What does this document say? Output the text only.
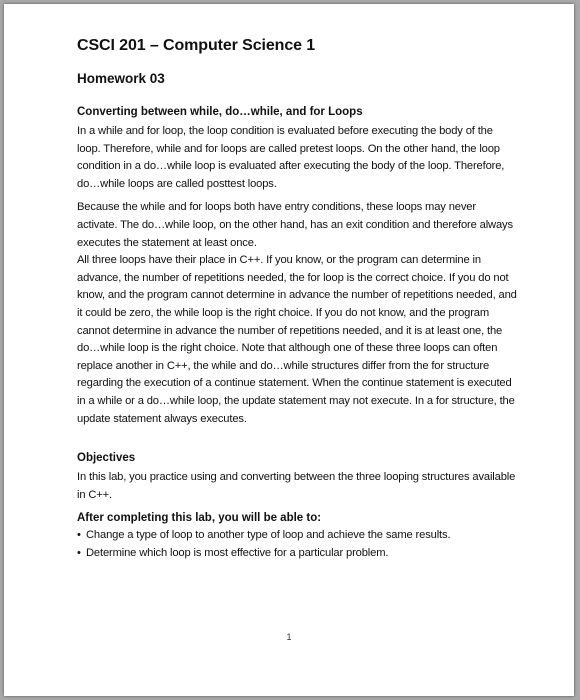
CSCI 201 – Computer Science 1
Homework 03
Converting between while, do…while, and for Loops

In a while and for loop, the loop condition is evaluated before executing the body of the loop. Therefore, while and for loops are called pretest loops. On the other hand, the loop condition in a do…while loop is evaluated after executing the body of the loop. Therefore, do…while loops are called posttest loops.

Because the while and for loops both have entry conditions, these loops may never activate. The do…while loop, on the other hand, has an exit condition and therefore always executes the statement at least once.

All three loops have their place in C++. If you know, or the program can determine in advance, the number of repetitions needed, the for loop is the correct choice. If you do not know, and the program cannot determine in advance the number of repetitions needed, and it could be zero, the while loop is the right choice. If you do not know, and the program cannot determine in advance the number of repetitions needed, and it is at least one, the do…while loop is the right choice. Note that although one of these three loops can often replace another in C++, the while and do…while structures differ from the for structure regarding the execution of a continue statement. When the continue statement is executed in a while or a do…while loop, the update statement may not execute. In a for structure, the update statement always executes.

Objectives

In this lab, you practice using and converting between the three looping structures available in C++.

After completing this lab, you will be able to:
• Change a type of loop to another type of loop and achieve the same results.
• Determine which loop is most effective for a particular problem.
1
